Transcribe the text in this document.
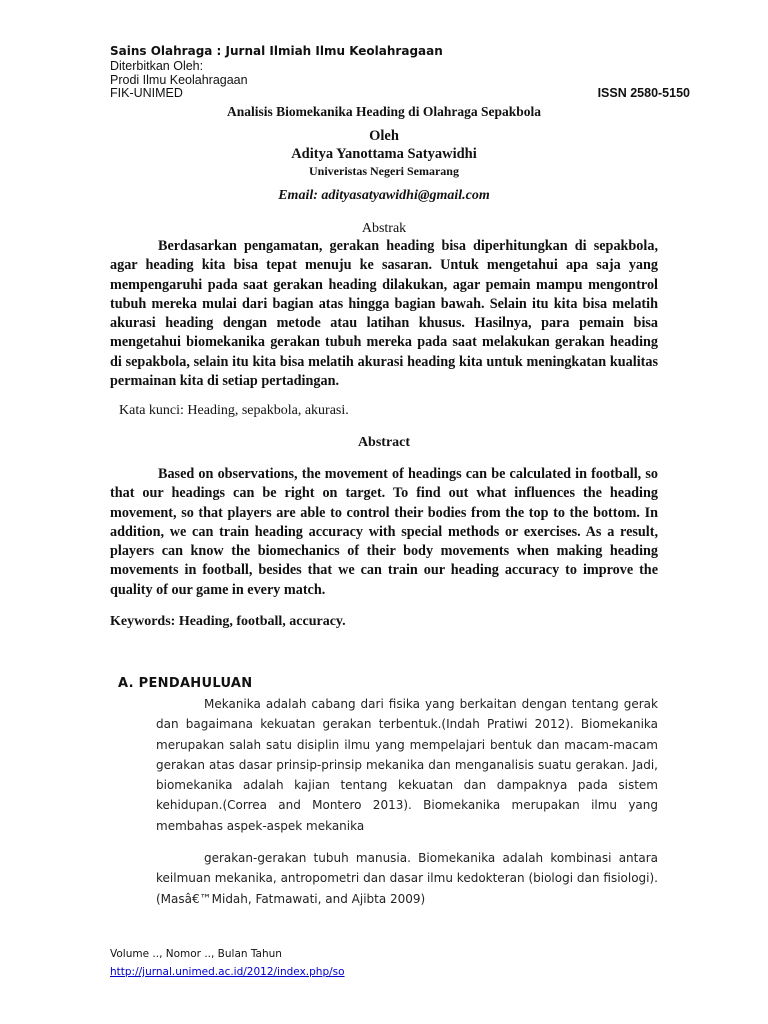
Sains Olahraga : Jurnal Ilmiah Ilmu Keolahragaan
Diterbitkan Oleh:
Prodi Ilmu Keolahragaan
FIK-UNIMED	ISSN 2580-5150
Analisis Biomekanika Heading di Olahraga Sepakbola
Oleh
Aditya Yanottama Satyawidhi
Univeristas Negeri Semarang
Email: adityasatyawidhi@gmail.com
Abstrak

Berdasarkan pengamatan, gerakan heading bisa diperhitungkan di sepakbola, agar heading kita bisa tepat menuju ke sasaran. Untuk mengetahui apa saja yang mempengaruhi pada saat gerakan heading dilakukan, agar pemain mampu mengontrol tubuh mereka mulai dari bagian atas hingga bagian bawah. Selain itu kita bisa melatih akurasi heading dengan metode atau latihan khusus. Hasilnya, para pemain bisa mengetahui biomekanika gerakan tubuh mereka pada saat melakukan gerakan heading di sepakbola, selain itu kita bisa melatih akurasi heading kita untuk meningkatan kualitas permainan kita di setiap pertadingan.

Kata kunci: Heading, sepakbola, akurasi.
Abstract

Based on observations, the movement of headings can be calculated in football, so that our headings can be right on target. To find out what influences the heading movement, so that players are able to control their bodies from the top to the bottom. In addition, we can train heading accuracy with special methods or exercises. As a result, players can know the biomechanics of their body movements when making heading movements in football, besides that we can train our heading accuracy to improve the quality of our game in every match.

Keywords: Heading, football, accuracy.
A. PENDAHULUAN

Mekanika adalah cabang dari fisika yang berkaitan dengan tentang gerak dan bagaimana kekuatan gerakan terbentuk.(Indah Pratiwi 2012). Biomekanika merupakan salah satu disiplin ilmu yang mempelajari bentuk dan macam-macam gerakan atas dasar prinsip-prinsip mekanika dan menganalisis suatu gerakan. Jadi, biomekanika adalah kajian tentang kekuatan dan dampaknya pada sistem kehidupan.(Correa and Montero 2013). Biomekanika merupakan ilmu yang membahas aspek-aspek mekanika

gerakan-gerakan tubuh manusia. Biomekanika adalah kombinasi antara keilmuan mekanika, antropometri dan dasar ilmu kedokteran (biologi dan fisiologi).(Masâ€™Midah, Fatmawati, and Ajibta 2009)

Volume .., Nomor .., Bulan Tahun
http://jurnal.unimed.ac.id/2012/index.php/so
